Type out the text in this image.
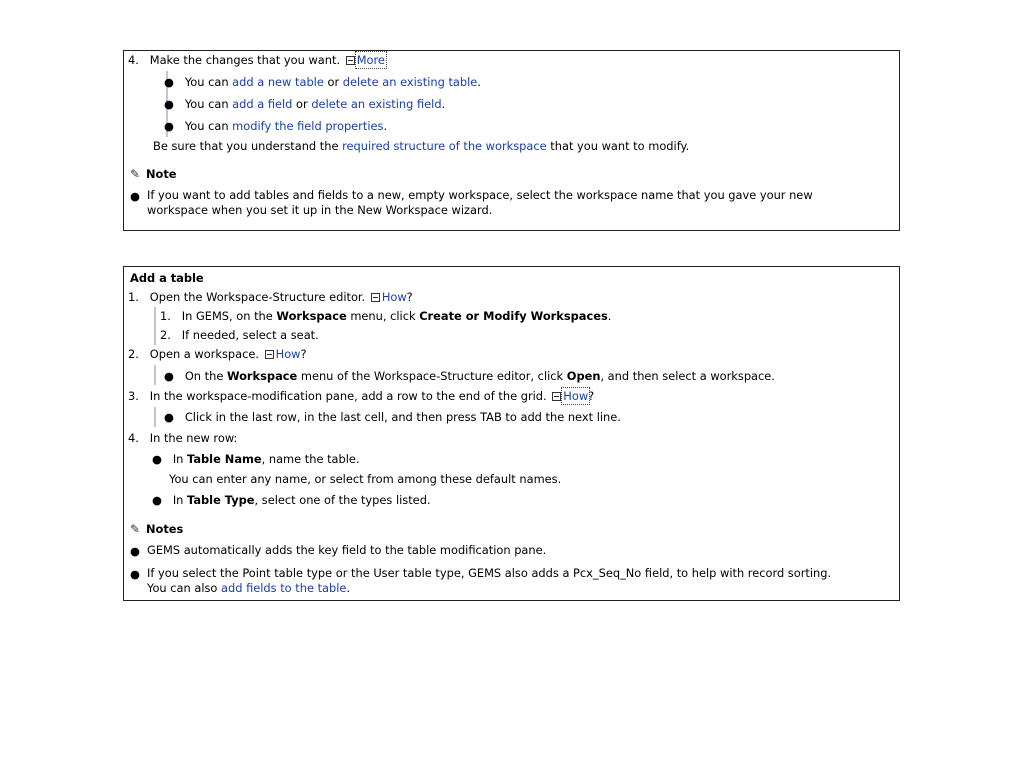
4. Make the changes that you want. More
● You can add a new table or delete an existing table.
● You can add a field or delete an existing field.
● You can modify the field properties.
Be sure that you understand the required structure of the workspace that you want to modify.
✎ Note
● If you want to add tables and fields to a new, empty workspace, select the workspace name that you gave your new
workspace when you set it up in the New Workspace wizard.
Add a table
1. Open the Workspace-Structure editor. How?
1. In GEMS, on the Workspace menu, click Create or Modify Workspaces.
2. If needed, select a seat.
2. Open a workspace. How?
● On the Workspace menu of the Workspace-Structure editor, click Open, and then select a workspace.
3. In the workspace-modification pane, add a row to the end of the grid. How?
● Click in the last row, in the last cell, and then press TAB to add the next line.
4. In the new row:
● In Table Name, name the table.
You can enter any name, or select from among these default names.
● In Table Type, select one of the types listed.
✎ Notes
● GEMS automatically adds the key field to the table modification pane.
● If you select the Point table type or the User table type, GEMS also adds a Pcx_Seq_No field, to help with record sorting.
You can also add fields to the table.
